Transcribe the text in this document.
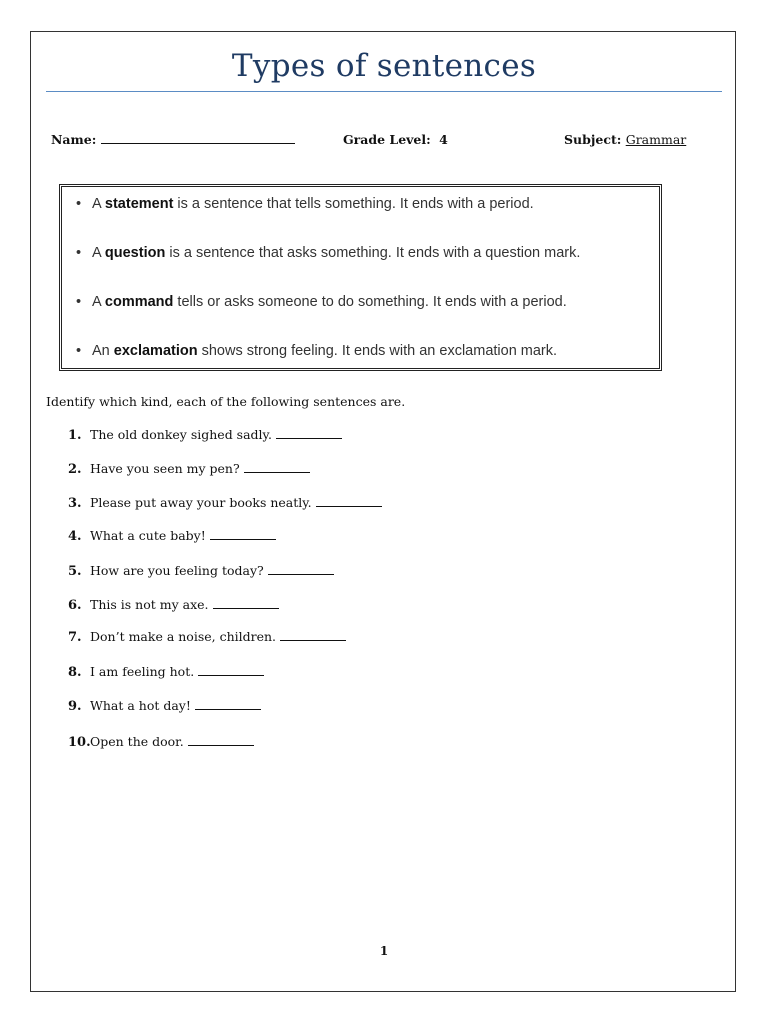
Types of sentences
Name:	Grade Level: 4	Subject: Grammar
• A statement is a sentence that tells something. It ends with a period.
• A question is a sentence that asks something. It ends with a question mark.
• A command tells or asks someone to do something. It ends with a period.
• An exclamation shows strong feeling. It ends with an exclamation mark.
Identify which kind, each of the following sentences are.
1. The old donkey sighed sadly.
2. Have you seen my pen?
3. Please put away your books neatly.
4. What a cute baby!
5. How are you feeling today?
6. This is not my axe.
7. Don’t make a noise, children.
8. I am feeling hot.
9. What a hot day!
10.Open the door.
1
